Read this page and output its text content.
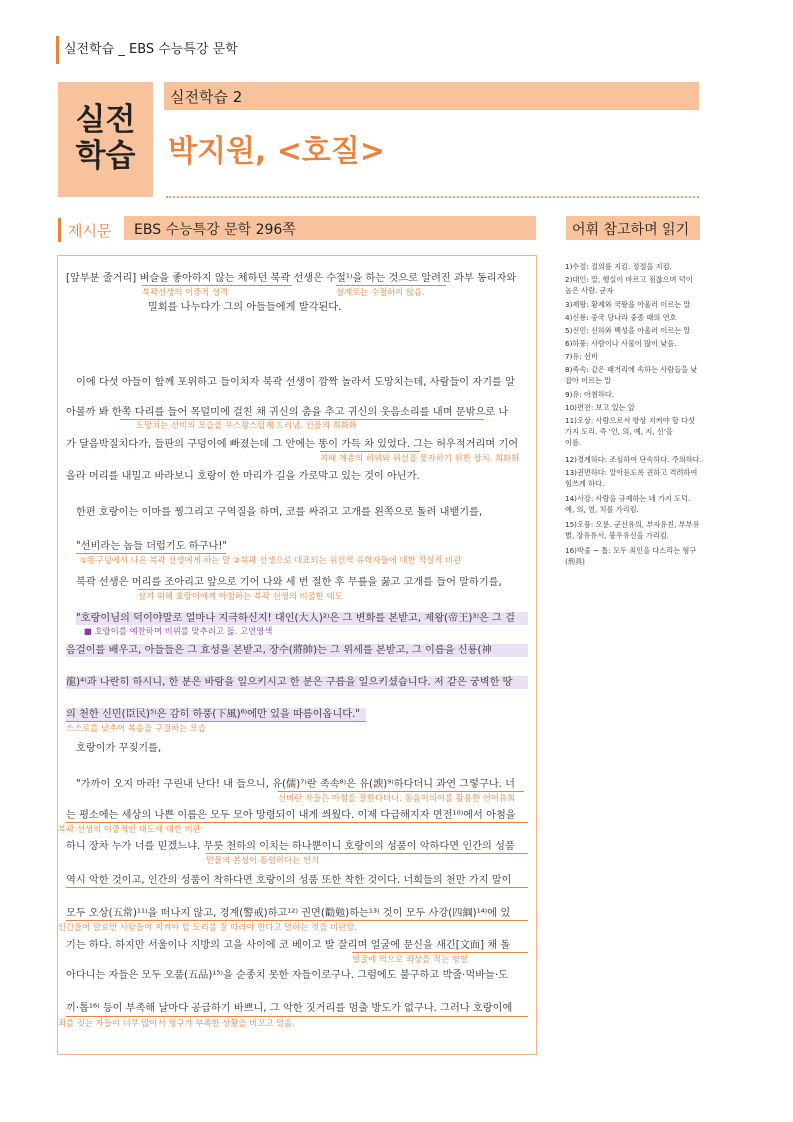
실전학습 _ EBS 수능특강 문학
실전
학습
실전학습 2
박지원, <호질>
제시문 EBS 수능특강 문학 296쪽	어휘 참고하며 읽기
[앞부분 줄거리] 벼슬을 좋아하지 않는 체하던 북곽 선생은 수절¹⁾을 하는 것으로 알려진 과부 동리자와
북곽선생의 이중적 성격	실제로는 수절하지 않음.
밀회를 나누다가 그의 아들들에게 발각된다.
이에 다섯 아들이 함께 포위하고 들이치자 북곽 선생이 깜짝 놀라서 도망치는데, 사람들이 자기를 알
아볼까 봐 한쪽 다리를 들어 목덜미에 걸친 채 귀신의 춤을 추고 귀신의 웃음소리를 내며 문밖으로 나
도망치는 선비의 모습을 우스꽝스럽게 드러냄. 인물의 희화화
가 달음박질치다가, 들판의 구덩이에 빠졌는데 그 안에는 똥이 가득 차 있었다. 그는 허우적거리며 기어
지배 계층의 허위와 위선을 풍자하기 위한 장치. 희화화
올라 머리를 내밀고 바라보니 호랑이 한 마리가 길을 가로막고 있는 것이 아닌가.
한편 호랑이는 이마를 찡그리고 구역질을 하며, 코를 싸쥐고 고개를 왼쪽으로 돌려 내뱉기를,
"선비라는 놈들 더럽기도 하구나!"
①똥구덩에서 나온 북곽 선생에게 하는 말 ②북곽 선생으로 대표되는 위선적 유학자들에 대한 직설적 비판
북곽 선생은 머리를 조아리고 앞으로 기어 나와 세 번 절한 후 무릎을 꿇고 고개를 들어 말하기를,
살기 위해 호랑이에게 아첨하는 북곽 선생의 비굴한 태도
"호랑이님의 덕이야말로 얼마나 지극하신지! 대인(大人)²⁾은 그 변화를 본받고, 제왕(帝王)³⁾은 그 걸
■ 호랑이를 예찬하며 비위를 맞추려고 듦. 고언영색
음걸이를 배우고, 아들들은 그 효성을 본받고, 장수(將帥)는 그 위세를 본받고, 그 이름을 신룡(神
龍)⁴⁾과 나란히 하시니, 한 분은 바람을 일으키시고 한 분은 구름을 일으키셨습니다. 저 같은 궁벽한 땅
의 천한 신민(臣民)⁵⁾은 감히 하풍(下風)⁶⁾에만 있을 따름이옵니다."
스스로를 낮추어 복송을 구걸하는 모습
호랑이가 꾸짖기를,
"가까이 오지 마라! 구린내 난다! 내 들으니, 유(儒)⁷⁾란 족속⁸⁾은 유(諛)⁹⁾하다더니 과연 그렇구나. 너
선비란 자들은 아첨을 잘한다더니. 동음이의어를 활용한 언어유희
는 평소에는 세상의 나쁜 이름은 모두 모아 망령되이 내게 씌웠다. 이제 다급해지자 면전¹⁰⁾에서 아첨을
북곽 선생의 이중적인 태도에 대한 비판
하니 장차 누가 너를 믿겠느냐. 무릇 천하의 이치는 하나뿐이니 호랑이의 성품이 악하다면 인간의 성품
만물의 본성이 동일하다는 인식
역시 악한 것이고, 인간의 성품이 착하다면 호랑이의 성품 또한 착한 것이다. 너희들의 천만 가지 말이
모두 오상(五常)¹¹⁾을 떠나지 않고, 경계(警戒)하고¹²⁾ 권면(勸勉)하는¹³⁾ 것이 모두 사강(四綱)¹⁴⁾에 있
인간들이 말로만 사람들이 지켜야 할 도리를 잘 따라야 한다고 말하는 것을 비판함.
기는 하다. 하지만 서울이나 지방의 고을 사이에 코 베이고 발 잘리며 얼굴에 문신을 새긴[文面] 채 돌
얼굴에 먹으로 죄상을 적는 형벌
아다니는 자들은 모두 오품(五品)¹⁵⁾을 순종치 못한 자들이로구나. 그럼에도 불구하고 박줄·먹바늘·도
끼·톱¹⁶⁾ 등이 부족해 날마다 공급하기 바쁘니, 그 악한 짓거리를 멈출 방도가 없구나. 그러나 호랑이에
죄를 짓는 자들이 너무 많아서 형구가 부족한 상황을 비꼬고 있음.
1)수절: 절의를 지킴. 정절을 지킴.
2)대인: 말, 행실이 바르고 점잖으며 덕이
높은 사람. 군자
3)제왕: 황제와 국왕을 아울러 이르는 말
4)신룡: 중국 당나라 중종 때의 연호
5)신민: 신하와 백성을 아울러 이르는 말
6)하풍: 사람이나 사물이 많이 낮음.
7)유: 선비
8)족속: 같은 패거리에 속하는 사람들을 낮
잡아 이르는 말
9)유: 아첨하다.
10)면전: 보고 있는 앞
11)오상: 사람으로서 항상 지켜야 할 다섯
가지 도리. 즉 '인, 의, 예, 지, 신'을
이름.
12)경계하다: 조심하여 단속하다. 주의하다.
13)권면하다: 알아듣도록 권하고 격려하여
힘쓰게 하다.
14)사강: 사람을 규제하는 네 가지 도덕.
예, 의, 염, 치를 가리킴.
15)오품: 오륜. 군신유의, 부자유친, 부부유
별, 장유유서, 붕우유신을 가리킴.
16)박줄 ~ 톱: 모두 죄인을 다스리는 형구
(刑具)
